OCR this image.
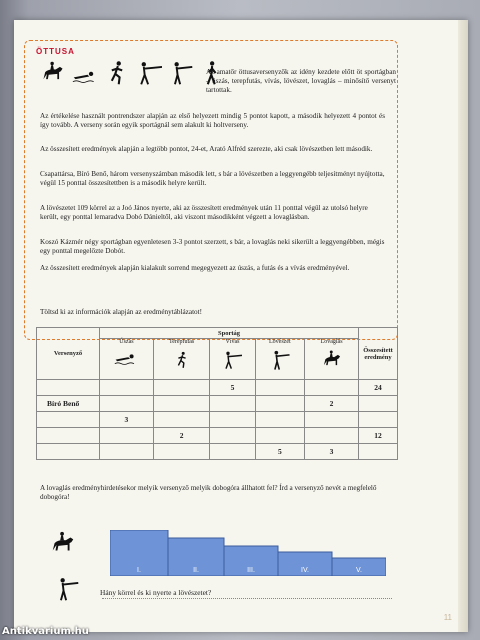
ÖTTUSA
Az amatőr öttusaversenyzők az idény kezdete előtt öt sportágban – úszás, terepfutás, vívás, lövészet, lovaglás – minősítő versenyt tartottak.
Az értékelése használt pontrendszer alapján az első helyezett mindig 5 pontot kapott, a második helyezett 4 pontot és így tovább. A verseny során egyik sportágnál sem alakult ki holtverseny.
Az összesített eredmények alapján a legtöbb pontot, 24-et, Arató Alfréd szerezte, aki csak lövészetben lett második.
Csapattársa, Bíró Benő, három versenyszámban második lett, s bár a lövészetben a leggyengébb teljesítményt nyújtotta, végül 15 ponttal összesítettben is a második helyre került.
A lövészetet 109 körrel az a Joó János nyerte, aki az összesített eredmények után 11 ponttal végül az utolsó helyre került, egy ponttal lemaradva Dobó Dánieltől, aki viszont másodikként végzett a lovaglásban.
Koszó Kázmér négy sportágban egyenletesen 3-3 pontot szerzett, s bár, a lovaglás neki sikerült a leggyengébben, mégis egy ponttal megelőzte Dobót.
Az összesített eredmények alapján kialakult sorrend megegyezett az úszás, a futás és a vívás eredményével.
Töltsd ki az információk alapján az eredménytáblázatot!
Versenyző	Sportág					Összesített eredmény
	Úszás	Terepfutás	Vívás	Lövészet	Lovaglás	

			5			24
Bíró Benő					2	
	3					
		2				12
				5	3	
A lovaglás eredményhirdetésekor melyik versenyző melyik dobogóra állhatott fel? Írd a versenyző nevét a megfelelő dobogóra!
I.	II.	III.	IV.	V.
Hány körrel és ki nyerte a lövészetet?
11
Antikvarium.hu
